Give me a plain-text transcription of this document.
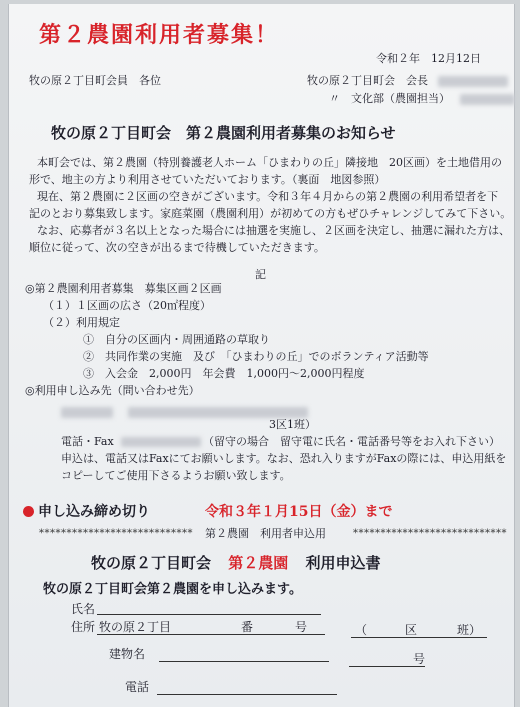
第２農園利用者募集！
令和２年　12月12日
牧の原２丁目町会員　各位	牧の原２丁目町会　会長
〃　文化部（農園担当）
牧の原２丁目町会　第２農園利用者募集のお知らせ
本町会では、第２農園（特別養護老人ホーム「ひまわりの丘」隣接地　20区画）を土地借用の
形で、地主の方より利用させていただいております。（裏面　地図参照）
現在、第２農園に２区画の空きがございます。令和３年４月からの第２農園の利用希望者を下
記のとおり募集致します。家庭菜園（農園利用）が初めての方もぜひチャレンジしてみて下さい。
なお、応募者が３名以上となった場合には抽選を実施し、２区画を決定し、抽選に漏れた方は、
順位に従って、次の空きが出るまで待機していただきます。
記
◎第２農園利用者募集　募集区画２区画
（１）１区画の広さ（20㎡程度）
（２）利用規定
①　自分の区画内・周囲通路の草取り
②　共同作業の実施　及び　「ひまわりの丘」でのボランティア活動等
③　入会金　2,000円　年会費　1,000円～2,000円程度
◎利用申し込み先（問い合わせ先）

3区1班）
電話・Fax	（留守の場合　留守電に氏名・電話番号等をお入れ下さい）
申込は、電話又はFaxにてお願いします。なお、恐れ入りますがFaxの際には、申込用紙を
コピーしてご使用下さるようお願い致します。
申し込み締め切り	令和３年１月15日（金）まで
**************************** 第２農園　利用者申込用	****************************
牧の原２丁目町会 第２農園 利用申込書
牧の原２丁目町会第２農園を申し込みます。
氏名
住所 牧の原２丁目	番	号	（	区	班）
建物名	号
電話
